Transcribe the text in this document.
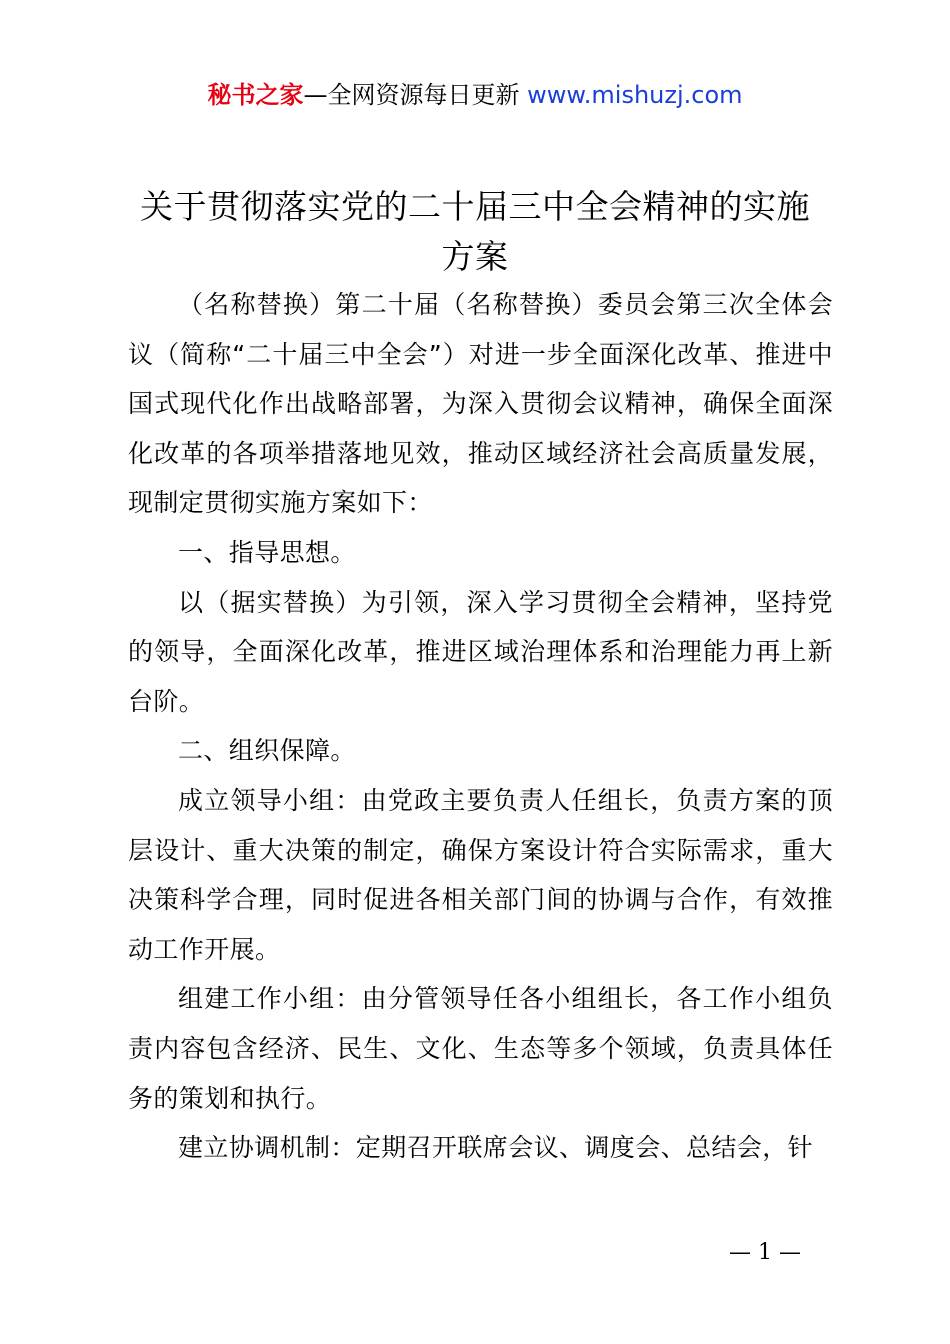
秘书之家—全网资源每日更新 www.mishuzj.com
关于贯彻落实党的二十届三中全会精神的实施
方案

（名称替换）第二十届（名称替换）委员会第三次全体会议（简称“二十届三中全会”）对进一步全面深化改革、推进中国式现代化作出战略部署，为深入贯彻会议精神，确保全面深化改革的各项举措落地见效，推动区域经济社会高质量发展，现制定贯彻实施方案如下：

一、指导思想。

以（据实替换）为引领，深入学习贯彻全会精神，坚持党的领导，全面深化改革，推进区域治理体系和治理能力再上新台阶。

二、组织保障。

成立领导小组：由党政主要负责人任组长，负责方案的顶层设计、重大决策的制定，确保方案设计符合实际需求，重大决策科学合理，同时促进各相关部门间的协调与合作，有效推动工作开展。

组建工作小组：由分管领导任各小组组长，各工作小组负责内容包含经济、民生、文化、生态等多个领域，负责具体任务的策划和执行。

建立协调机制：定期召开联席会议、调度会、总结会，针

— 1 —
